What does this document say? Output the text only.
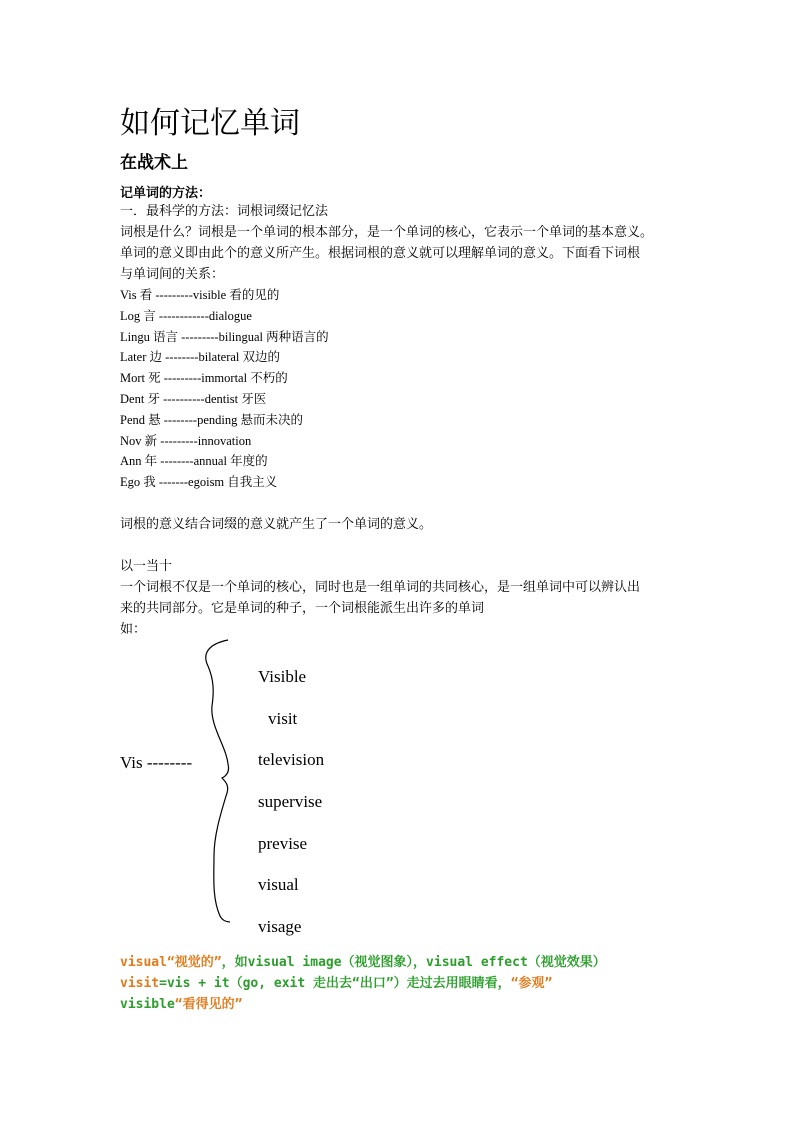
如何记忆单词
在战术上
记单词的方法：
一．最科学的方法：词根词缀记忆法
词根是什么？词根是一个单词的根本部分，是一个单词的核心，它表示一个单词的基本意义。
单词的意义即由此个的意义所产生。根据词根的意义就可以理解单词的意义。下面看下词根
与单词间的关系：
Vis 看 ---------visible 看的见的
Log 言 ------------dialogue
Lingu 语言 ---------bilingual 两种语言的
Later 边 --------bilateral 双边的
Mort 死 ---------immortal 不朽的
Dent 牙 ----------dentist 牙医
Pend 悬 --------pending 悬而未决的
Nov 新 ---------innovation
Ann 年 --------annual 年度的
Ego 我 -------egoism 自我主义
词根的意义结合词缀的意义就产生了一个单词的意义。
以一当十
一个词根不仅是一个单词的核心，同时也是一组单词的共同核心，是一组单词中可以辨认出
来的共同部分。它是单词的种子，一个词根能派生出许多的单词
如：
Vis --------
Visible
visit
television
supervise
previse
visual
visage
visual“视觉的”，如visual image（视觉图象），visual effect（视觉效果）
visit=vis + it（go, exit 走出去“出口”）走过去用眼睛看，“参观”
visible“看得见的”
